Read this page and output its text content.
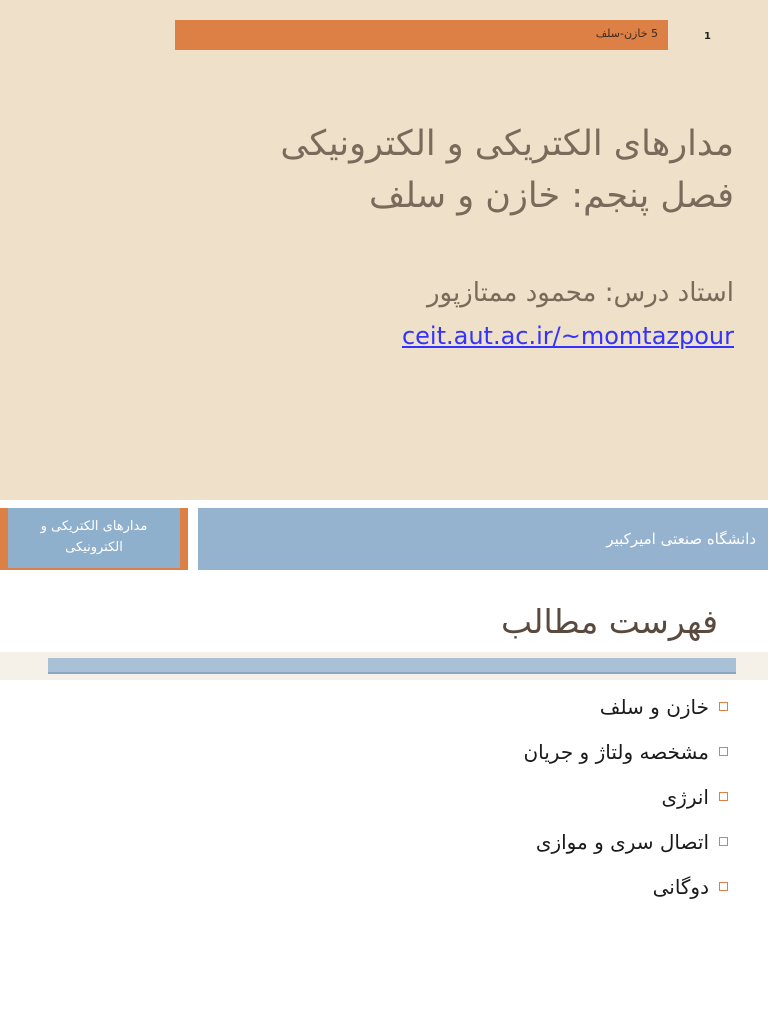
5 خازن-سلف	1
مدارهای الکتریکی و الکترونیکی
فصل پنجم: خازن و سلف
استاد درس: محمود ممتازپور
ceit.aut.ac.ir/~momtazpour
مدارهای الکتریکی و
الکترونیکی	دانشگاه صنعتی امیرکبیر
فهرست مطالب
خازن و سلف
مشخصه ولتاژ و جریان
انرژی
اتصال سری و موازی
دوگانی
